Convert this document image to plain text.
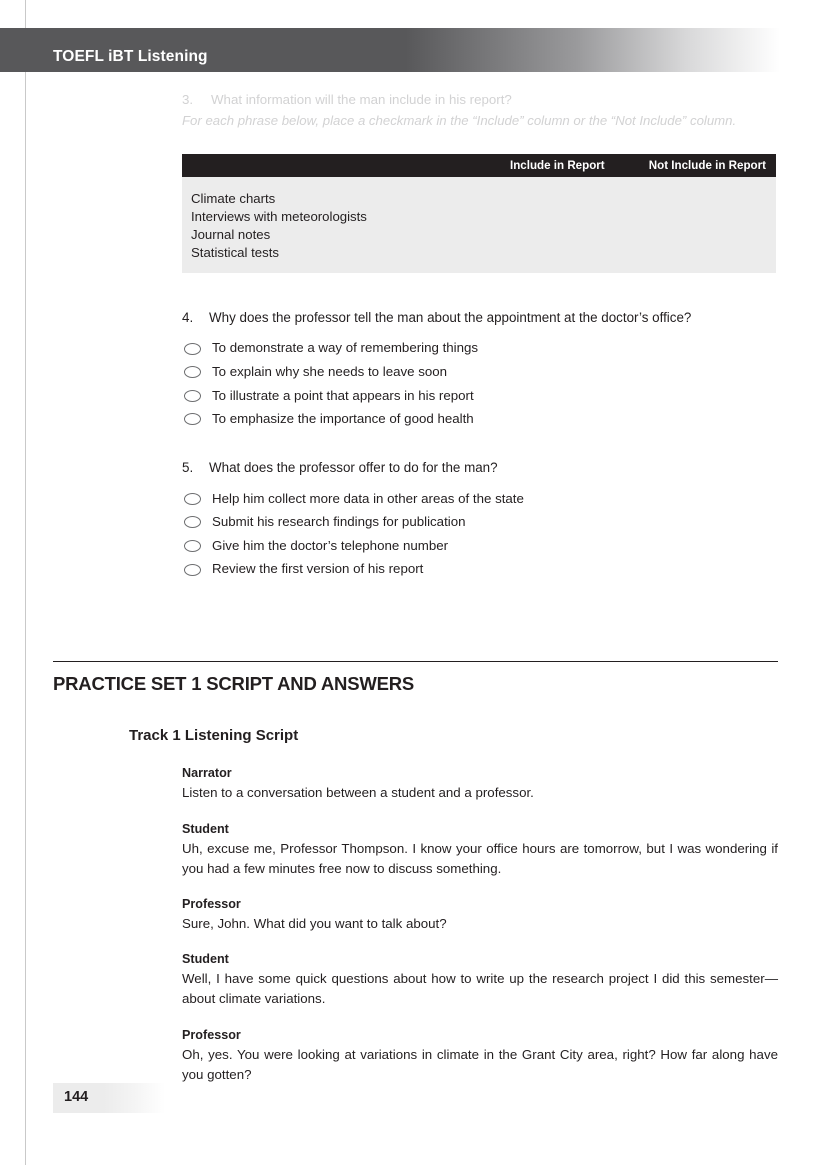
TOEFL iBT Listening
3.	What information will the man include in his report?
For each phrase below, place a checkmark in the “Include” column or the “Not Include” column.
	Include in Report	Not Include in Report

Climate charts		
Interviews with meteorologists		
Journal notes		
Statistical tests		

4.	Why does the professor tell the man about the appointment at the doctor’s office?
To demonstrate a way of remembering things
To explain why she needs to leave soon
To illustrate a point that appears in his report
To emphasize the importance of good health
5.	What does the professor offer to do for the man?
Help him collect more data in other areas of the state
Submit his research findings for publication
Give him the doctor’s telephone number
Review the first version of his report
PRACTICE SET 1 SCRIPT AND ANSWERS
Track 1 Listening Script
Narrator
Listen to a conversation between a student and a professor.
Student
Uh, excuse me, Professor Thompson. I know your office hours are tomorrow, but I was wondering if you had a few minutes free now to discuss something.
Professor
Sure, John. What did you want to talk about?
Student
Well, I have some quick questions about how to write up the research project I did this semester—about climate variations.
Professor
Oh, yes. You were looking at variations in climate in the Grant City area, right? How far along have you gotten?
144
